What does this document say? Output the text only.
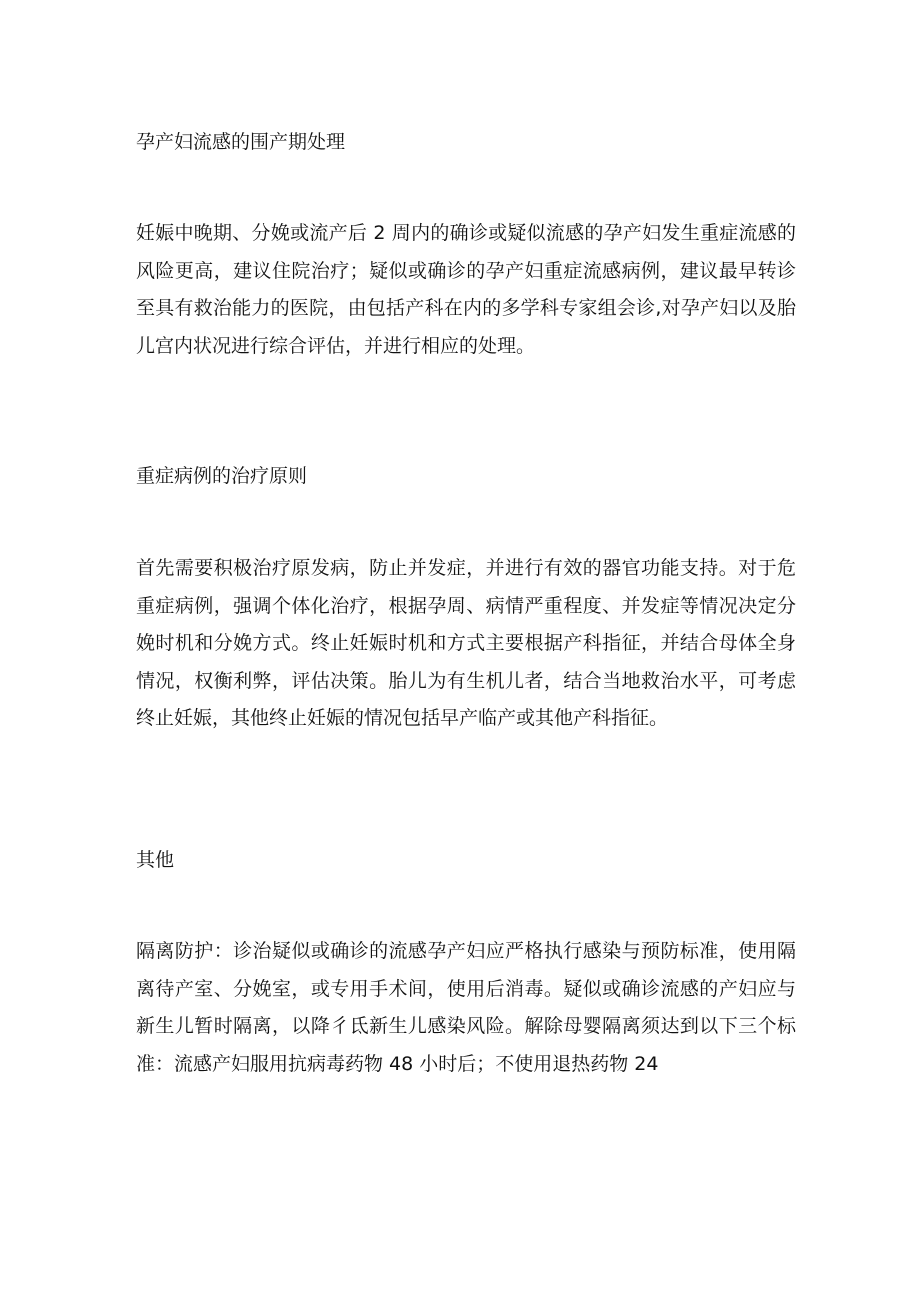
孕产妇流感的围产期处理

妊娠中晚期、分娩或流产后 2 周内的确诊或疑似流感的孕产妇发生重症流感的风险更高，建议住院治疗；疑似或确诊的孕产妇重症流感病例，建议最早转诊至具有救治能力的医院，由包括产科在内的多学科专家组会诊,对孕产妇以及胎儿宫内状况进行综合评估，并进行相应的处理。

重症病例的治疗原则

首先需要积极治疗原发病，防止并发症，并进行有效的器官功能支持。对于危重症病例，强调个体化治疗，根据孕周、病情严重程度、并发症等情况决定分娩时机和分娩方式。终止妊娠时机和方式主要根据产科指征，并结合母体全身情况，权衡利弊，评估决策。胎儿为有生机儿者，结合当地救治水平，可考虑终止妊娠，其他终止妊娠的情况包括早产临产或其他产科指征。

其他

隔离防护：诊治疑似或确诊的流感孕产妇应严格执行感染与预防标准，使用隔离待产室、分娩室，或专用手术间，使用后消毒。疑似或确诊流感的产妇应与新生儿暂时隔离，以降彳氐新生儿感染风险。解除母婴隔离须达到以下三个标准：流感产妇服用抗病毒药物 48 小时后；不使用退热药物 24
